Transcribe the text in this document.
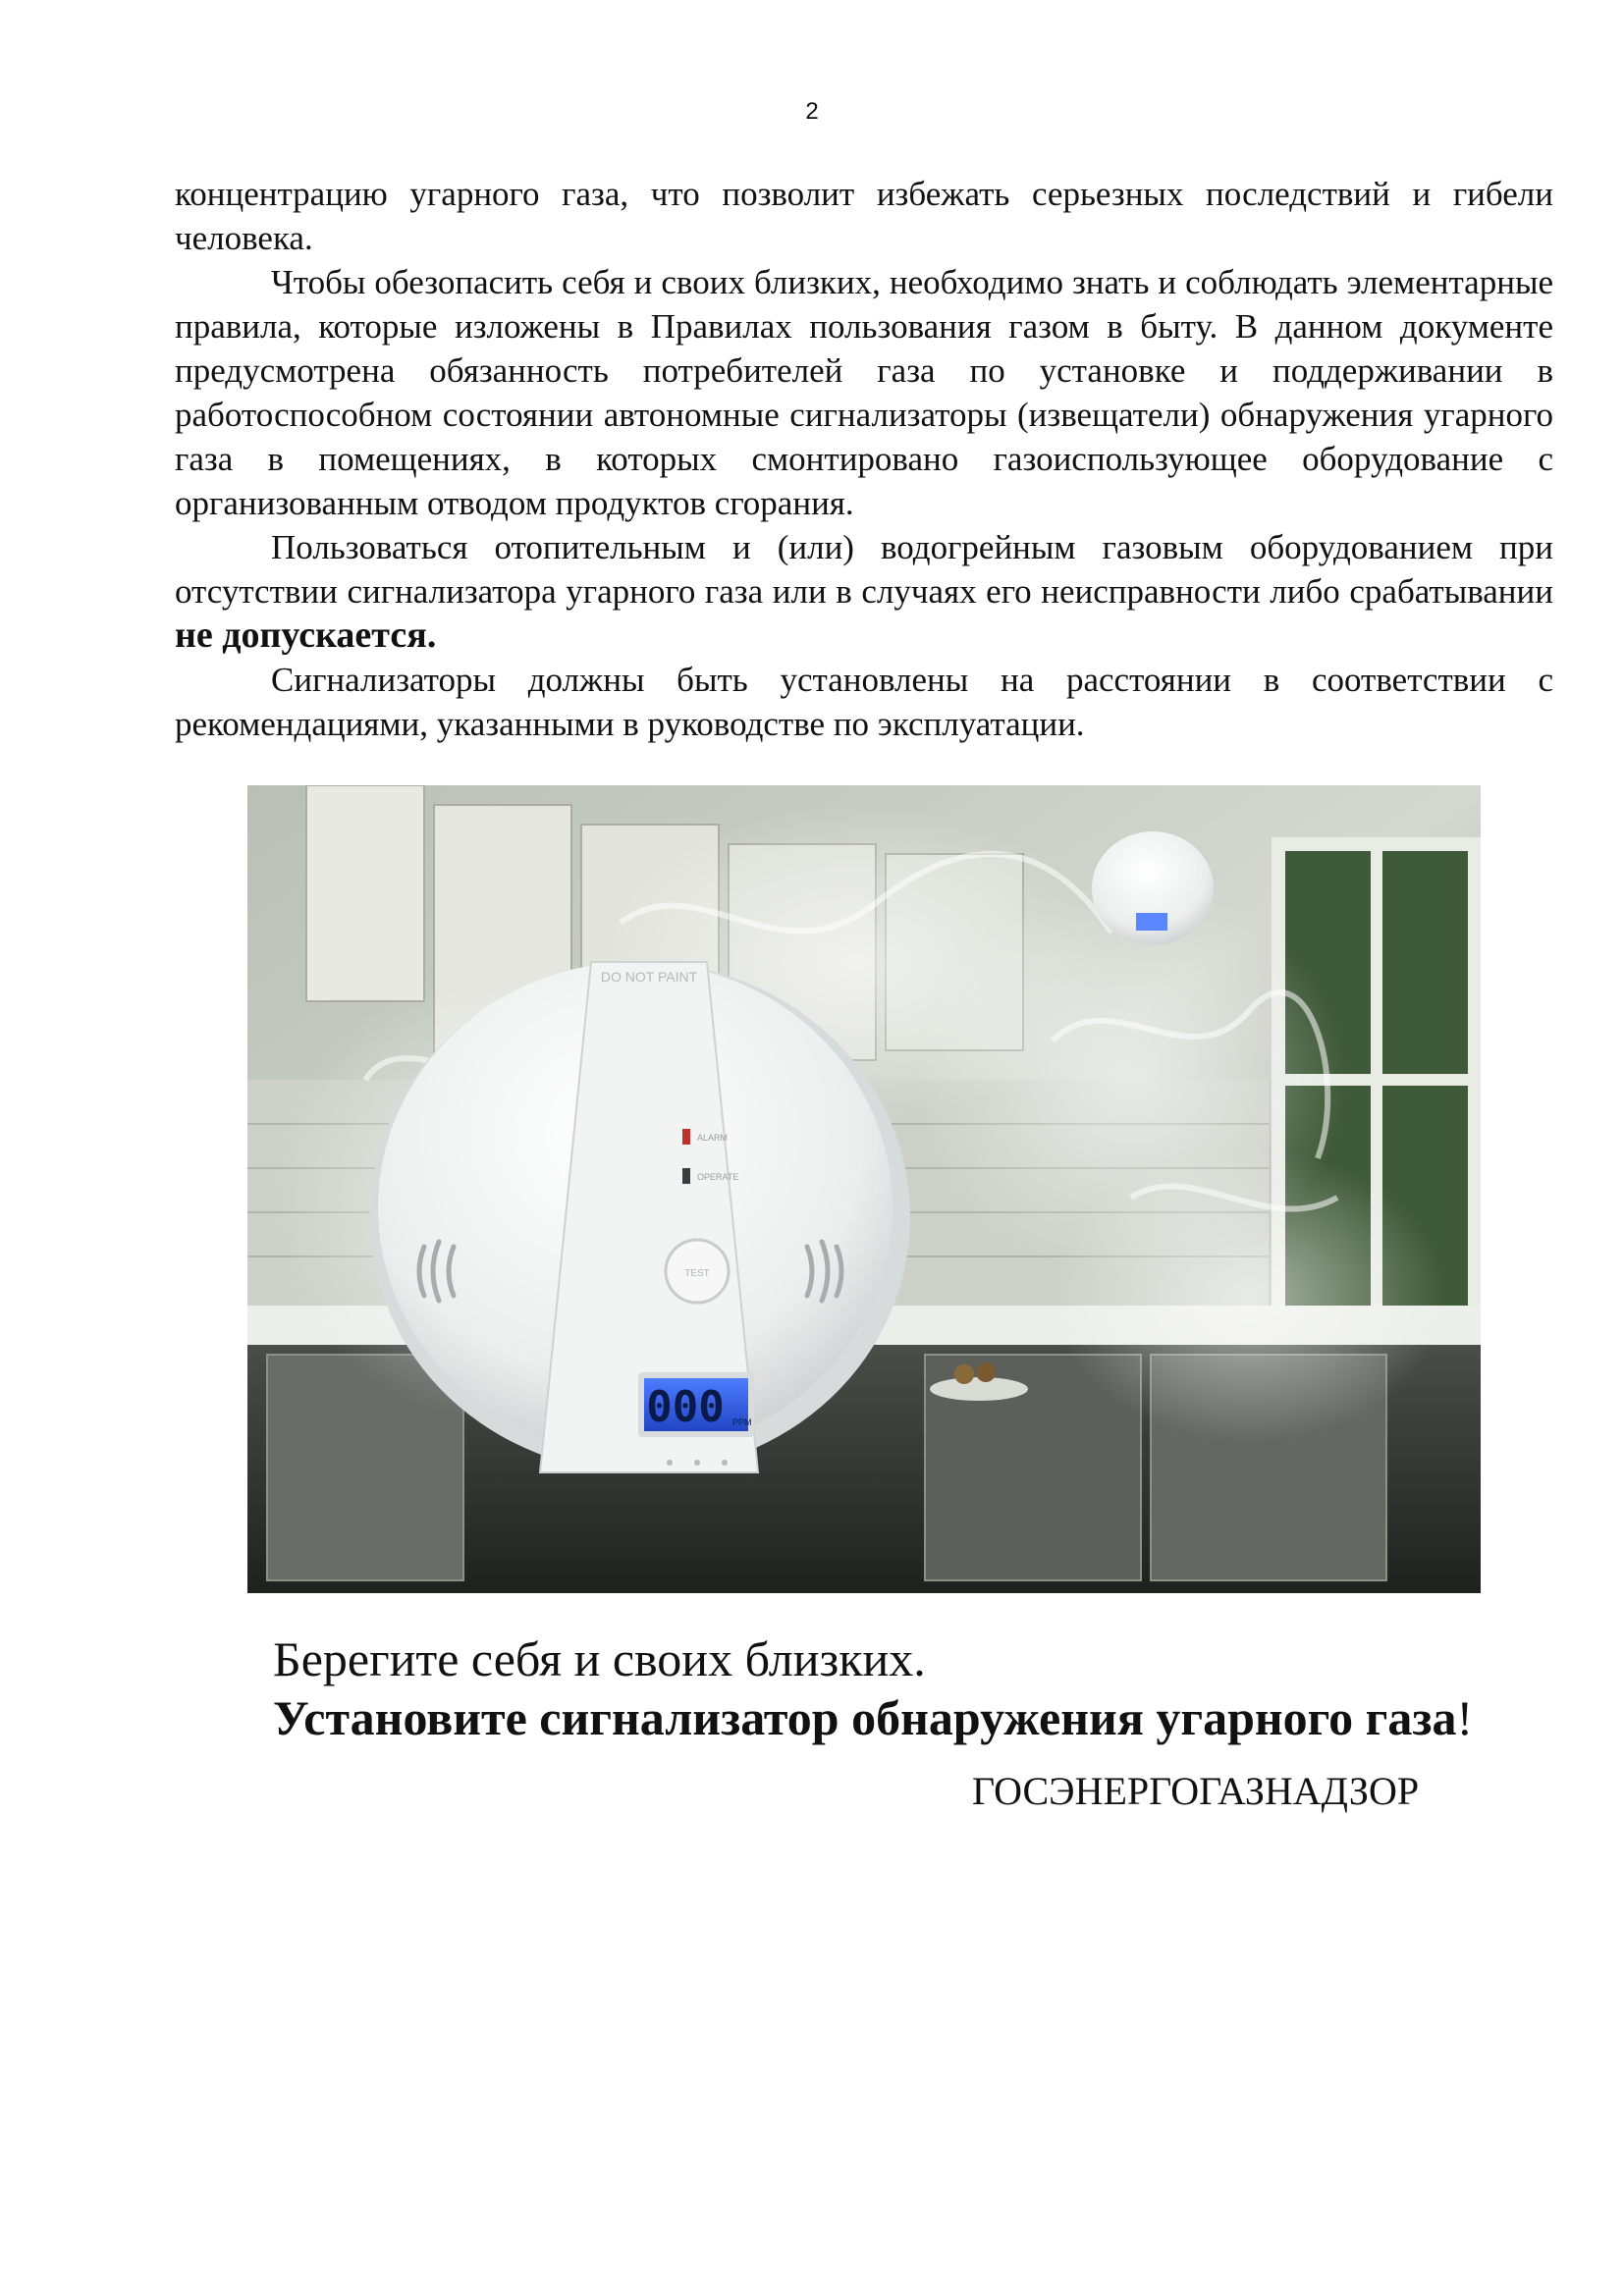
2

концентрацию угарного газа, что позволит избежать серьезных последствий и гибели человека.

Чтобы обезопасить себя и своих близких, необходимо знать и соблюдать элементарные правила, которые изложены в Правилах пользования газом в быту. В данном документе предусмотрена обязанность потребителей газа по установке и поддерживании в работоспособном состоянии автономные сигнализаторы (извещатели) обнаружения угарного газа в помещениях, в которых смонтировано газоиспользующее оборудование с организованным отводом продуктов сгорания.

Пользоваться отопительным и (или) водогрейным газовым оборудованием при отсутствии сигнализатора угарного газа или в случаях его неисправности либо срабатывании не допускается.

Сигнализаторы должны быть установлены на расстоянии в соответствии с рекомендациями, указанными в руководстве по эксплуатации.

DO NOT PAINT
ALARM
OPERATE
TEST
000 PPM
Берегите себя и своих близких.
Установите сигнализатор обнаружения угарного газа!
ГОСЭНЕРГОГАЗНАДЗОР
